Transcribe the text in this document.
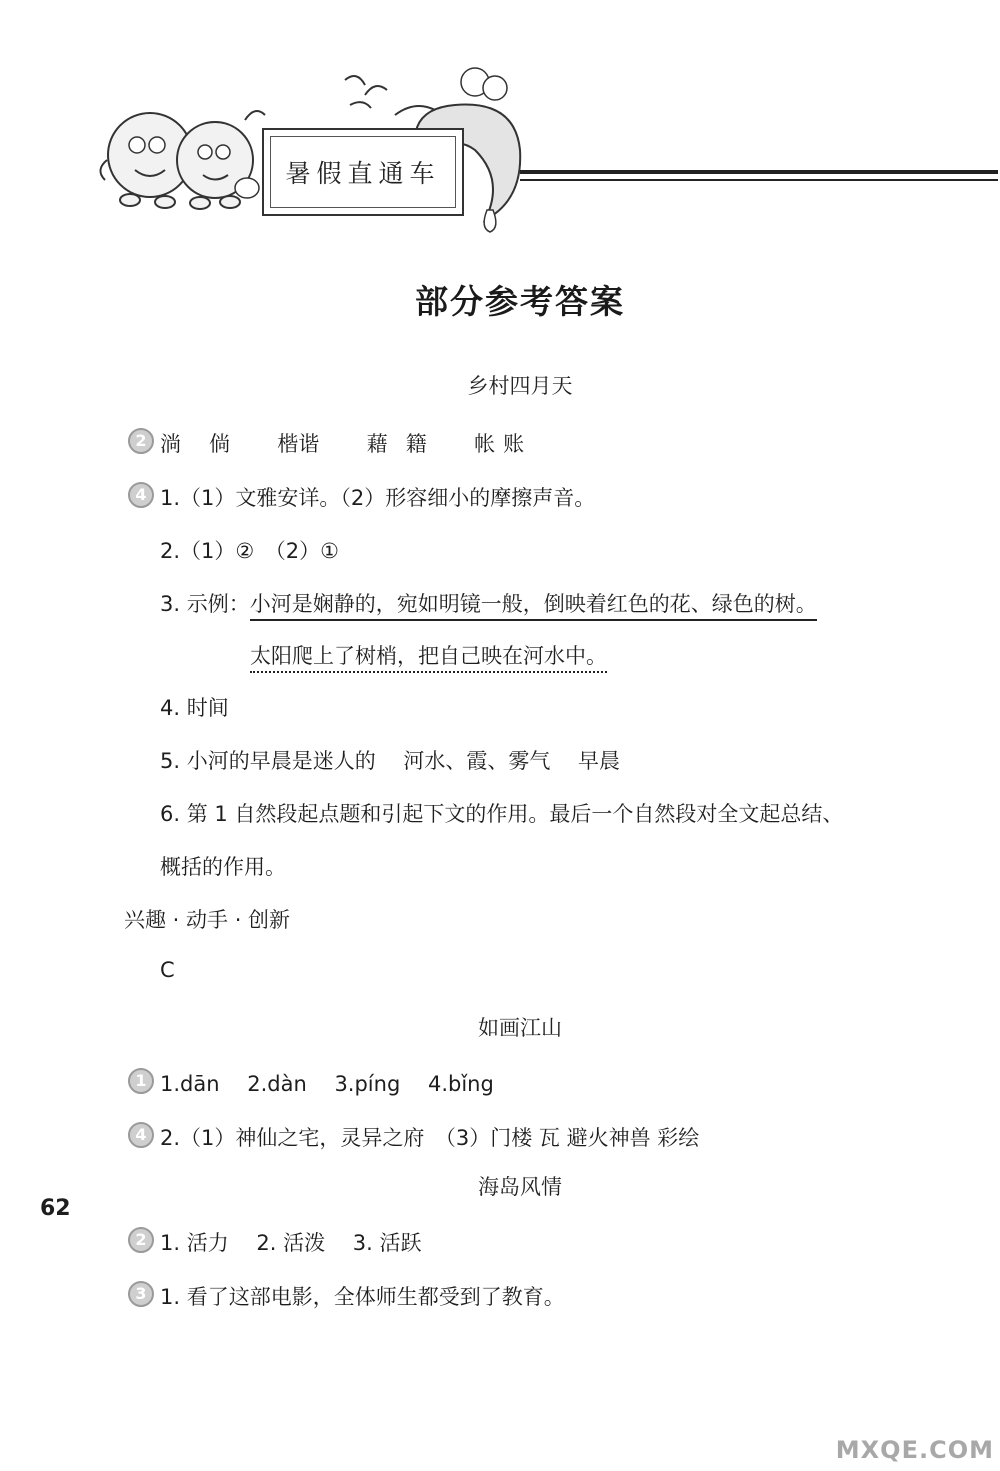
暑假直通车
部分参考答案
乡村四月天
2 淌 倘 楷谐 藉 籍 帐 账
4 1.（1）文雅安详。（2）形容细小的摩擦声音。
2.（1）②　（2）①
3. 示例：小河是娴静的，宛如明镜一般，倒映着红色的花、绿色的树。
太阳爬上了树梢，把自己映在河水中。
4. 时间
5. 小河的早晨是迷人的　 河水、霞、雾气　 早晨
6. 第 1 自然段起点题和引起下文的作用。最后一个自然段对全文起总结、
概括的作用。
兴趣 · 动手 · 创新
C
如画江山
1 1.dān　 2.dàn　 3.píng　 4.bǐng
4 2.（1）神仙之宅，灵异之府　（3）门楼 瓦 避火神兽 彩绘
海岛风情
2 1. 活力　 2. 活泼　 3. 活跃
3 1. 看了这部电影，全体师生都受到了教育。
62
MXQE.COM
